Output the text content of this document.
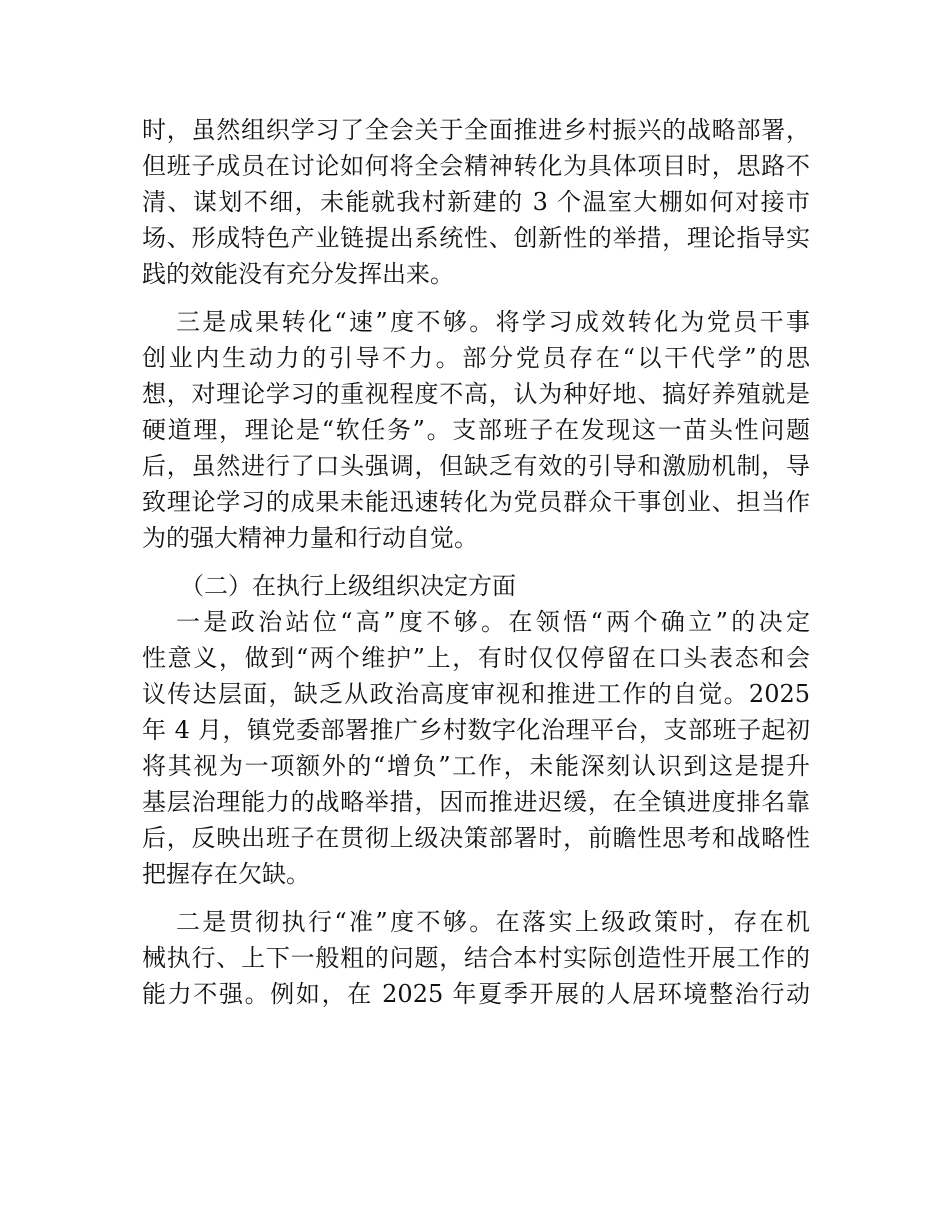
时，虽然组织学习了全会关于全面推进乡村振兴的战略部署，
但班子成员在讨论如何将全会精神转化为具体项目时，思路不
清、谋划不细，未能就我村新建的 3 个温室大棚如何对接市
场、形成特色产业链提出系统性、创新性的举措，理论指导实
践的效能没有充分发挥出来。
三是成果转化“速”度不够。将学习成效转化为党员干事
创业内生动力的引导不力。部分党员存在“以干代学”的思
想，对理论学习的重视程度不高，认为种好地、搞好养殖就是
硬道理，理论是“软任务”。支部班子在发现这一苗头性问题
后，虽然进行了口头强调，但缺乏有效的引导和激励机制，导
致理论学习的成果未能迅速转化为党员群众干事创业、担当作
为的强大精神力量和行动自觉。
（二）在执行上级组织决定方面
一是政治站位“高”度不够。在领悟“两个确立”的决定
性意义，做到“两个维护”上，有时仅仅停留在口头表态和会
议传达层面，缺乏从政治高度审视和推进工作的自觉。2025
年 4 月，镇党委部署推广乡村数字化治理平台，支部班子起初
将其视为一项额外的“增负”工作，未能深刻认识到这是提升
基层治理能力的战略举措，因而推进迟缓，在全镇进度排名靠
后，反映出班子在贯彻上级决策部署时，前瞻性思考和战略性
把握存在欠缺。
二是贯彻执行“准”度不够。在落实上级政策时，存在机
械执行、上下一般粗的问题，结合本村实际创造性开展工作的
能力不强。例如，在 2025 年夏季开展的人居环境整治行动
